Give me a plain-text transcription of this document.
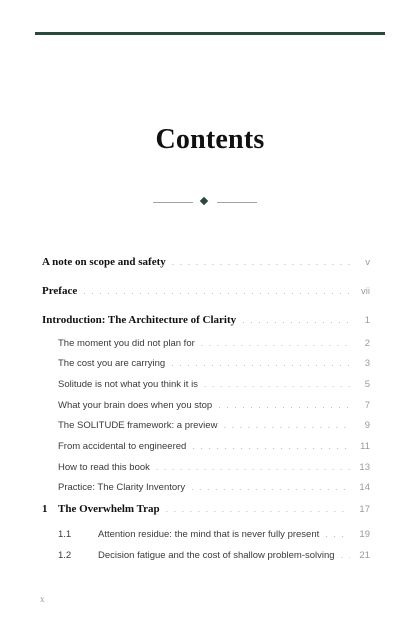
Contents
A note on scope and safety . . .	v
Preface . . .	vii
Introduction: The Architecture of Clarity . . .	1
The moment you did not plan for . . .	2
The cost you are carrying . . .	3
Solitude is not what you think it is . . .	5
What your brain does when you stop . . .	7
The SOLITUDE framework: a preview . . .	9
From accidental to engineered . . .	11
How to read this book . . .	13
Practice: The Clarity Inventory . . .	14
1 The Overwhelm Trap . . .	17
1.1	Attention residue: the mind that is never fully present . . .	19
1.2	Decision fatigue and the cost of shallow problem-solving . . .	21
x
